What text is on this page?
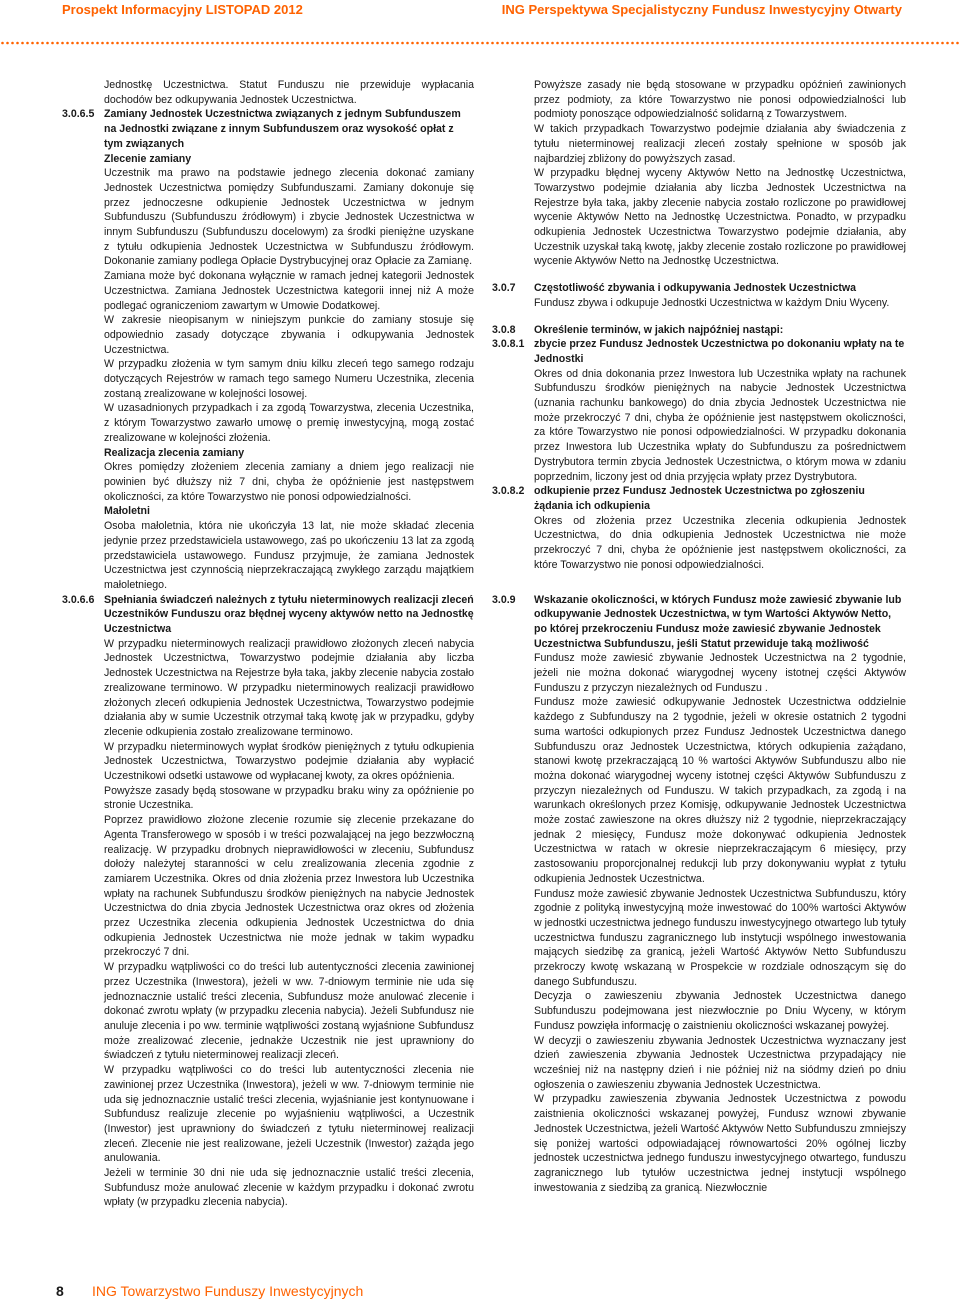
Prospekt Informacyjny LISTOPAD 2012	ING Perspektywa Specjalistyczny Fundusz Inwestycyjny Otwarty

Jednostkę Uczestnictwa. Statut Funduszu nie przewiduje wypłacania dochodów bez odkupywania Jednostek Uczestnictwa.

3.0.6.5 Zamiany Jednostek Uczestnictwa związanych z jednym Subfunduszem na Jednostki związane z innym Subfunduszem oraz wysokość opłat z tym związanych

Zlecenie zamiany

Uczestnik ma prawo na podstawie jednego zlecenia dokonać zamiany Jednostek Uczestnictwa pomiędzy Subfunduszami. Zamiany dokonuje się przez jednoczesne odkupienie Jednostek Uczestnictwa w jednym Subfunduszu (Subfunduszu źródłowym) i zbycie Jednostek Uczestnictwa w innym Subfunduszu (Subfunduszu docelowym) za środki pieniężne uzyskane z tytułu odkupienia Jednostek Uczestnictwa w Subfunduszu źródłowym. Dokonanie zamiany podlega Opłacie Dystrybucyjnej oraz Opłacie za Zamianę.

Zamiana może być dokonana wyłącznie w ramach jednej kategorii Jednostek Uczestnictwa. Zamiana Jednostek Uczestnictwa kategorii innej niż A może podlegać ograniczeniom zawartym w Umowie Dodatkowej.

W zakresie nieopisanym w niniejszym punkcie do zamiany stosuje się odpowiednio zasady dotyczące zbywania i odkupywania Jednostek Uczestnictwa.

W przypadku złożenia w tym samym dniu kilku zleceń tego samego rodzaju dotyczących Rejestrów w ramach tego samego Numeru Uczestnika, zlecenia zostaną zrealizowane w kolejności losowej.

W uzasadnionych przypadkach i za zgodą Towarzystwa, zlecenia Uczestnika, z którym Towarzystwo zawarło umowę o premię inwestycyjną, mogą zostać zrealizowane w kolejności złożenia.

Realizacja zlecenia zamiany

Okres pomiędzy złożeniem zlecenia zamiany a dniem jego realizacji nie powinien być dłuższy niż 7 dni, chyba że opóźnienie jest następstwem okoliczności, za które Towarzystwo nie ponosi odpowiedzialności.

Małoletni

Osoba małoletnia, która nie ukończyła 13 lat, nie może składać zlecenia jedynie przez przedstawiciela ustawowego, zaś po ukończeniu 13 lat za zgodą przedstawiciela ustawowego. Fundusz przyjmuje, że zamiana Jednostek Uczestnictwa jest czynnością nieprzekraczającą zwykłego zarządu majątkiem małoletniego.

3.0.6.6 Spełniania świadczeń należnych z tytułu nieterminowych realizacji zleceń Uczestników Funduszu oraz błędnej wyceny aktywów netto na Jednostkę Uczestnictwa

W przypadku nieterminowych realizacji prawidłowo złożonych zleceń nabycia Jednostek Uczestnictwa, Towarzystwo podejmie działania aby liczba Jednostek Uczestnictwa na Rejestrze była taka, jakby zlecenie nabycia zostało zrealizowane terminowo. W przypadku nieterminowych realizacji prawidłowo złożonych zleceń odkupienia Jednostek Uczestnictwa, Towarzystwo podejmie działania aby w sumie Uczestnik otrzymał taką kwotę jak w przypadku, gdyby zlecenie odkupienia zostało zrealizowane terminowo.

W przypadku nieterminowych wypłat środków pieniężnych z tytułu odkupienia Jednostek Uczestnictwa, Towarzystwo podejmie działania aby wypłacić Uczestnikowi odsetki ustawowe od wypłacanej kwoty, za okres opóźnienia.

Powyższe zasady będą stosowane w przypadku braku winy za opóźnienie po stronie Uczestnika.

Poprzez prawidłowo złożone zlecenie rozumie się zlecenie przekazane do Agenta Transferowego w sposób i w treści pozwalającej na jego bezzwłoczną realizację. W przypadku drobnych nieprawidłowości w zleceniu, Subfundusz dołoży należytej staranności w celu zrealizowania zlecenia zgodnie z zamiarem Uczestnika. Okres od dnia złożenia przez Inwestora lub Uczestnika wpłaty na rachunek Subfunduszu środków pieniężnych na nabycie Jednostek Uczestnictwa do dnia zbycia Jednostek Uczestnictwa oraz okres od złożenia przez Uczestnika zlecenia odkupienia Jednostek Uczestnictwa do dnia odkupienia Jednostek Uczestnictwa nie może jednak w takim wypadku przekroczyć 7 dni.

W przypadku wątpliwości co do treści lub autentyczności zlecenia zawinionej przez Uczestnika (Inwestora), jeżeli w ww. 7-dniowym terminie nie uda się jednoznacznie ustalić treści zlecenia, Subfundusz może anulować zlecenie i dokonać zwrotu wpłaty (w przypadku zlecenia nabycia). Jeżeli Subfundusz nie anuluje zlecenia i po ww. terminie wątpliwości zostaną wyjaśnione Subfundusz może zrealizować zlecenie, jednakże Uczestnik nie jest uprawniony do świadczeń z tytułu nieterminowej realizacji zleceń.

W przypadku wątpliwości co do treści lub autentyczności zlecenia nie zawinionej przez Uczestnika (Inwestora), jeżeli w ww. 7-dniowym terminie nie uda się jednoznacznie ustalić treści zlecenia, wyjaśnianie jest kontynuowane i Subfundusz realizuje zlecenie po wyjaśnieniu wątpliwości, a Uczestnik (Inwestor) jest uprawniony do świadczeń z tytułu nieterminowej realizacji zleceń. Zlecenie nie jest realizowane, jeżeli Uczestnik (Inwestor) zażąda jego anulowania.

Jeżeli w terminie 30 dni nie uda się jednoznacznie ustalić treści zlecenia, Subfundusz może anulować zlecenie w każdym przypadku i dokonać zwrotu wpłaty (w przypadku zlecenia nabycia).

Powyższe zasady nie będą stosowane w przypadku opóźnień zawinionych przez podmioty, za które Towarzystwo nie ponosi odpowiedzialności lub podmioty ponoszące odpowiedzialność solidarną z Towarzystwem.

W takich przypadkach Towarzystwo podejmie działania aby świadczenia z tytułu nieterminowej realizacji zleceń zostały spełnione w sposób jak najbardziej zbliżony do powyższych zasad.

W przypadku błędnej wyceny Aktywów Netto na Jednostkę Uczestnictwa, Towarzystwo podejmie działania aby liczba Jednostek Uczestnictwa na Rejestrze była taka, jakby zlecenie nabycia zostało rozliczone po prawidłowej wycenie Aktywów Netto na Jednostkę Uczestnictwa. Ponadto, w przypadku odkupienia Jednostek Uczestnictwa Towarzystwo podejmie działania, aby Uczestnik uzyskał taką kwotę, jakby zlecenie zostało rozliczone po prawidłowej wycenie Aktywów Netto na Jednostkę Uczestnictwa.

3.0.7 Częstotliwość zbywania i odkupywania Jednostek Uczestnictwa

Fundusz zbywa i odkupuje Jednostki Uczestnictwa w każdym Dniu Wyceny.

3.0.8 Określenie terminów, w jakich najpóźniej nastąpi:

3.0.8.1 zbycie przez Fundusz Jednostek Uczestnictwa po dokonaniu wpłaty na te Jednostki

Okres od dnia dokonania przez Inwestora lub Uczestnika wpłaty na rachunek Subfunduszu środków pieniężnych na nabycie Jednostek Uczestnictwa (uznania rachunku bankowego) do dnia zbycia Jednostek Uczestnictwa nie może przekroczyć 7 dni, chyba że opóźnienie jest następstwem okoliczności, za które Towarzystwo nie ponosi odpowiedzialności. W przypadku dokonania przez Inwestora lub Uczestnika wpłaty do Subfunduszu za pośrednictwem Dystrybutora termin zbycia Jednostek Uczestnictwa, o którym mowa w zdaniu poprzednim, liczony jest od dnia przyjęcia wpłaty przez Dystrybutora.

3.0.8.2 odkupienie przez Fundusz Jednostek Uczestnictwa po zgłoszeniu żądania ich odkupienia

Okres od złożenia przez Uczestnika zlecenia odkupienia Jednostek Uczestnictwa, do dnia odkupienia Jednostek Uczestnictwa nie może przekroczyć 7 dni, chyba że opóźnienie jest następstwem okoliczności, za które Towarzystwo nie ponosi odpowiedzialności.

3.0.9 Wskazanie okoliczności, w których Fundusz może zawiesić zbywanie lub odkupywanie Jednostek Uczestnictwa, w tym Wartości Aktywów Netto, po której przekroczeniu Fundusz może zawiesić zbywanie Jednostek Uczestnictwa Subfunduszu, jeśli Statut przewiduje taką możliwość

Fundusz może zawiesić zbywanie Jednostek Uczestnictwa na 2 tygodnie, jeżeli nie można dokonać wiarygodnej wyceny istotnej części Aktywów Funduszu z przyczyn niezależnych od Funduszu .

Fundusz może zawiesić odkupywanie Jednostek Uczestnictwa oddzielnie każdego z Subfunduszy na 2 tygodnie, jeżeli w okresie ostatnich 2 tygodni suma wartości odkupionych przez Fundusz Jednostek Uczestnictwa danego Subfunduszu oraz Jednostek Uczestnictwa, których odkupienia zażądano, stanowi kwotę przekraczającą 10 % wartości Aktywów Subfunduszu albo nie można dokonać wiarygodnej wyceny istotnej części Aktywów Subfunduszu z przyczyn niezależnych od Funduszu. W takich przypadkach, za zgodą i na warunkach określonych przez Komisję, odkupywanie Jednostek Uczestnictwa może zostać zawieszone na okres dłuższy niż 2 tygodnie, nieprzekraczający jednak 2 miesięcy, Fundusz może dokonywać odkupienia Jednostek Uczestnictwa w ratach w okresie nieprzekraczającym 6 miesięcy, przy zastosowaniu proporcjonalnej redukcji lub przy dokonywaniu wypłat z tytułu odkupienia Jednostek Uczestnictwa.

Fundusz może zawiesić zbywanie Jednostek Uczestnictwa Subfunduszu, który zgodnie z polityką inwestycyjną może inwestować do 100% wartości Aktywów w jednostki uczestnictwa jednego funduszu inwestycyjnego otwartego lub tytuły uczestnictwa funduszu zagranicznego lub instytucji wspólnego inwestowania mających siedzibę za granicą, jeżeli Wartość Aktywów Netto Subfunduszu przekroczy kwotę wskazaną w Prospekcie w rozdziale odnoszącym się do danego Subfunduszu.

Decyzja o zawieszeniu zbywania Jednostek Uczestnictwa danego Subfunduszu podejmowana jest niezwłocznie po Dniu Wyceny, w którym Fundusz powzięła informację o zaistnieniu okoliczności wskazanej powyżej.

W decyzji o zawieszeniu zbywania Jednostek Uczestnictwa wyznaczany jest dzień zawieszenia zbywania Jednostek Uczestnictwa przypadający nie wcześniej niż na następny dzień i nie później niż na siódmy dzień po dniu ogłoszenia o zawieszeniu zbywania Jednostek Uczestnictwa.

W przypadku zawieszenia zbywania Jednostek Uczestnictwa z powodu zaistnienia okoliczności wskazanej powyżej, Fundusz wznowi zbywanie Jednostek Uczestnictwa, jeżeli Wartość Aktywów Netto Subfunduszu zmniejszy się poniżej wartości odpowiadającej równowartości 20% ogólnej liczby jednostek uczestnictwa jednego funduszu inwestycyjnego otwartego, funduszu zagranicznego lub tytułów uczestnictwa jednej instytucji wspólnego inwestowania z siedzibą za granicą. Niezwłocznie

8 ING Towarzystwo Funduszy Inwestycyjnych
